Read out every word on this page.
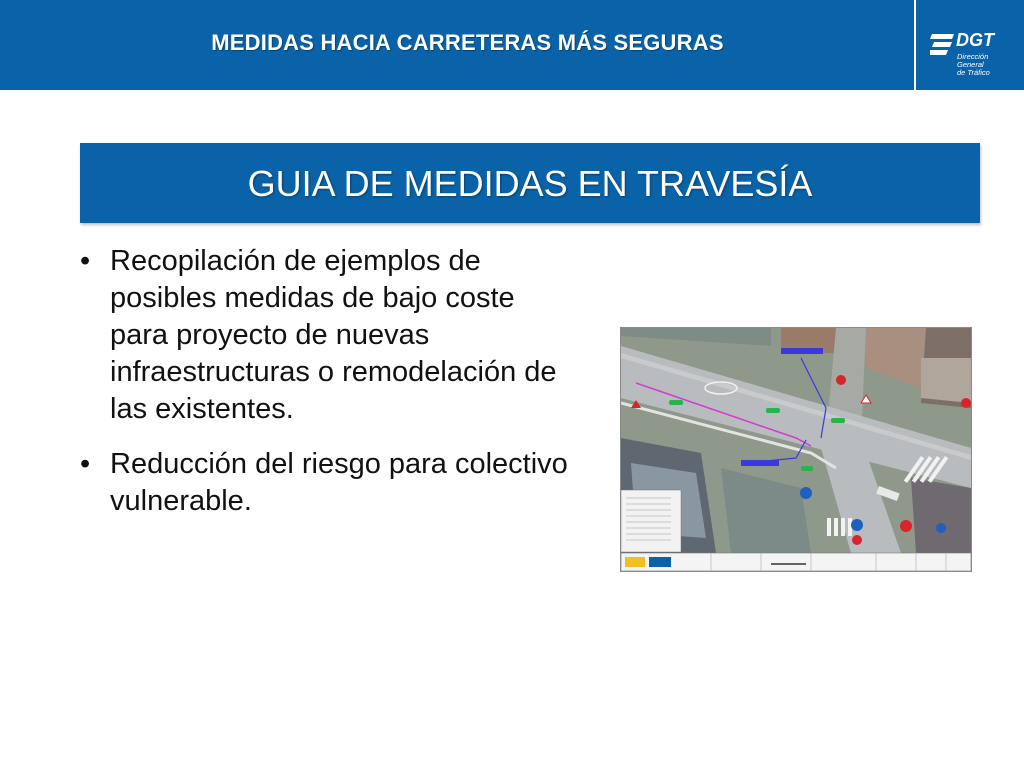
MEDIDAS HACIA CARRETERAS MÁS SEGURAS	DGT
Dirección General
de Tráfico
GUIA DE MEDIDAS EN TRAVESÍA
• Recopilación de ejemplos de posibles medidas de bajo coste para proyecto de nuevas infraestructuras o remodelación de las existentes.
• Reducción del riesgo para colectivo vulnerable.
